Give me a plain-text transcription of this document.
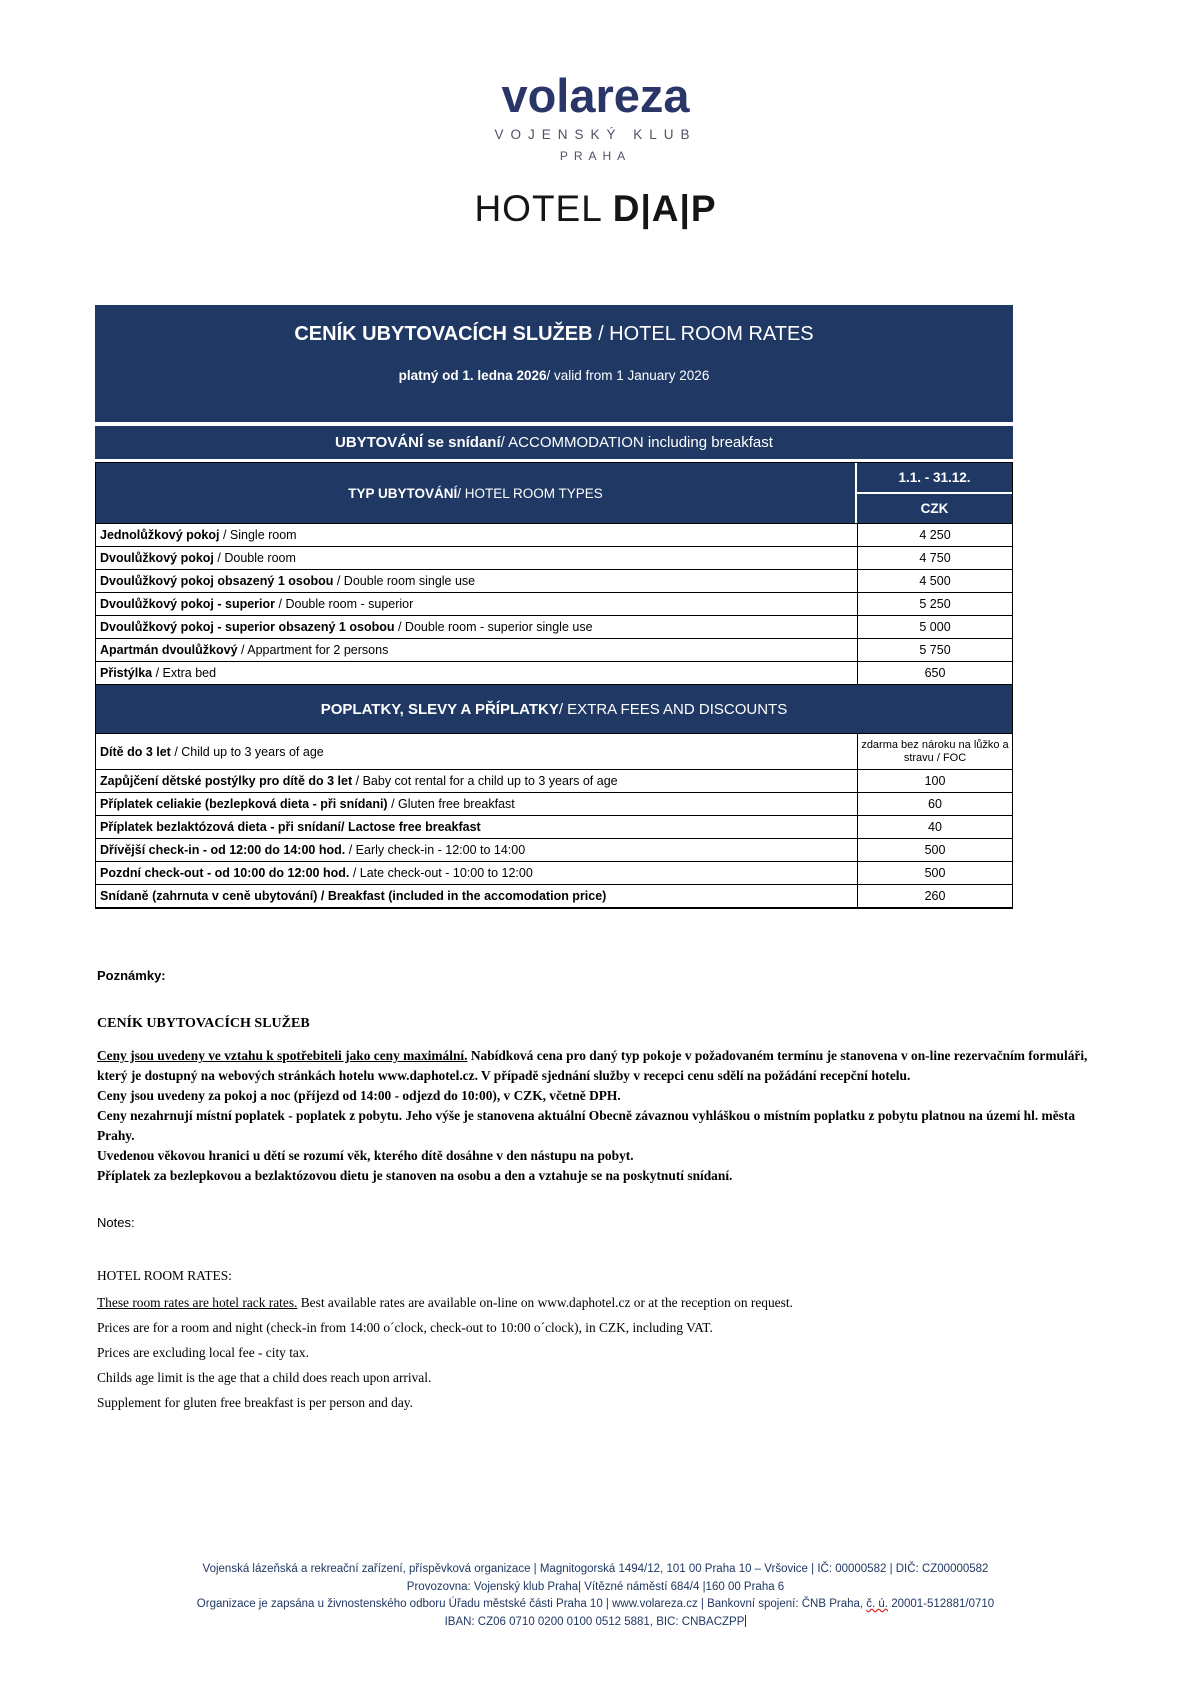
volareza
VOJENSKÝ KLUB
PRAHA
HOTEL D|A|P
CENÍK UBYTOVACÍCH SLUŽEB / HOTEL ROOM RATES
platný od 1. ledna 2026/ valid from 1 January 2026
UBYTOVÁNÍ se snídaní / ACCOMMODATION including breakfast
TYP UBYTOVÁNÍ / HOTEL ROOM TYPES
1.1. - 31.12.
CZK
Jednolůžkový pokoj / Single room	4 250
Dvoulůžkový pokoj / Double room	4 750
Dvoulůžkový pokoj obsazený 1 osobou / Double room single use	4 500
Dvoulůžkový pokoj - superior / Double room - superior	5 250
Dvoulůžkový pokoj - superior obsazený 1 osobou / Double room - superior single use	5 000
Apartmán dvoulůžkový / Appartment for 2 persons	5 750
Přistýlka / Extra bed	650
POPLATKY, SLEVY A PŘÍPLATKY / EXTRA FEES AND DISCOUNTS
Dítě do 3 let / Child up to 3 years of age	zdarma bez nároku na lůžko a stravu / FOC
Zapůjčení dětské postýlky pro dítě do 3 let / Baby cot rental for a child up to 3 years of age	100
Příplatek celiakie (bezlepková dieta - při snídani) / Gluten free breakfast	60
Příplatek bezlaktózová dieta - při snídaní/ Lactose free breakfast	40
Dřívější check-in - od 12:00 do 14:00 hod. / Early check-in - 12:00 to 14:00	500
Pozdní check-out - od 10:00 do 12:00 hod. / Late check-out - 10:00 to 12:00	500
Snídaně (zahrnuta v ceně ubytování) / Breakfast (included in the accomodation price)	260
Poznámky:
CENÍK UBYTOVACÍCH SLUŽEB

Ceny jsou uvedeny ve vztahu k spotřebiteli jako ceny maximální. Nabídková cena pro daný typ pokoje v požadovaném termínu je stanovena v on-line rezervačním formuláři, který je dostupný na webových stránkách hotelu www.daphotel.cz. V případě sjednání služby v recepci cenu sdělí na požádání recepční hotelu.

Ceny jsou uvedeny za pokoj a noc (příjezd od 14:00 - odjezd do 10:00), v CZK, včetně DPH.

Ceny nezahrnují místní poplatek - poplatek z pobytu. Jeho výše je stanovena aktuální Obecně závaznou vyhláškou o místním poplatku z pobytu platnou na území hl. města Prahy.

Uvedenou věkovou hranici u dětí se rozumí věk, kterého dítě dosáhne v den nástupu na pobyt.

Příplatek za bezlepkovou a bezlaktózovou dietu je stanoven na osobu a den a vztahuje se na poskytnutí snídaní.

Notes:
HOTEL ROOM RATES:

These room rates are hotel rack rates. Best available rates are available on-line on www.daphotel.cz or at the reception on request.

Prices are for a room and night (check-in from 14:00 o´clock, check-out to 10:00 o´clock), in CZK, including VAT.

Prices are excluding local fee - city tax.

Childs age limit is the age that a child does reach upon arrival.

Supplement for gluten free breakfast is per person and day.

Vojenská lázeňská a rekreační zařízení, příspěvková organizace | Magnitogorská 1494/12, 101 00 Praha 10 – Vršovice | IČ: 00000582 | DIČ: CZ00000582
Provozovna: Vojenský klub Praha| Vítězné náměstí 684/4 |160 00 Praha 6
Organizace je zapsána u živnostenského odboru Úřadu městské části Praha 10 | www.volareza.cz | Bankovní spojení: ČNB Praha, č. ú. 20001-512881/0710
IBAN: CZ06 0710 0200 0100 0512 5881, BIC: CNBACZPP
